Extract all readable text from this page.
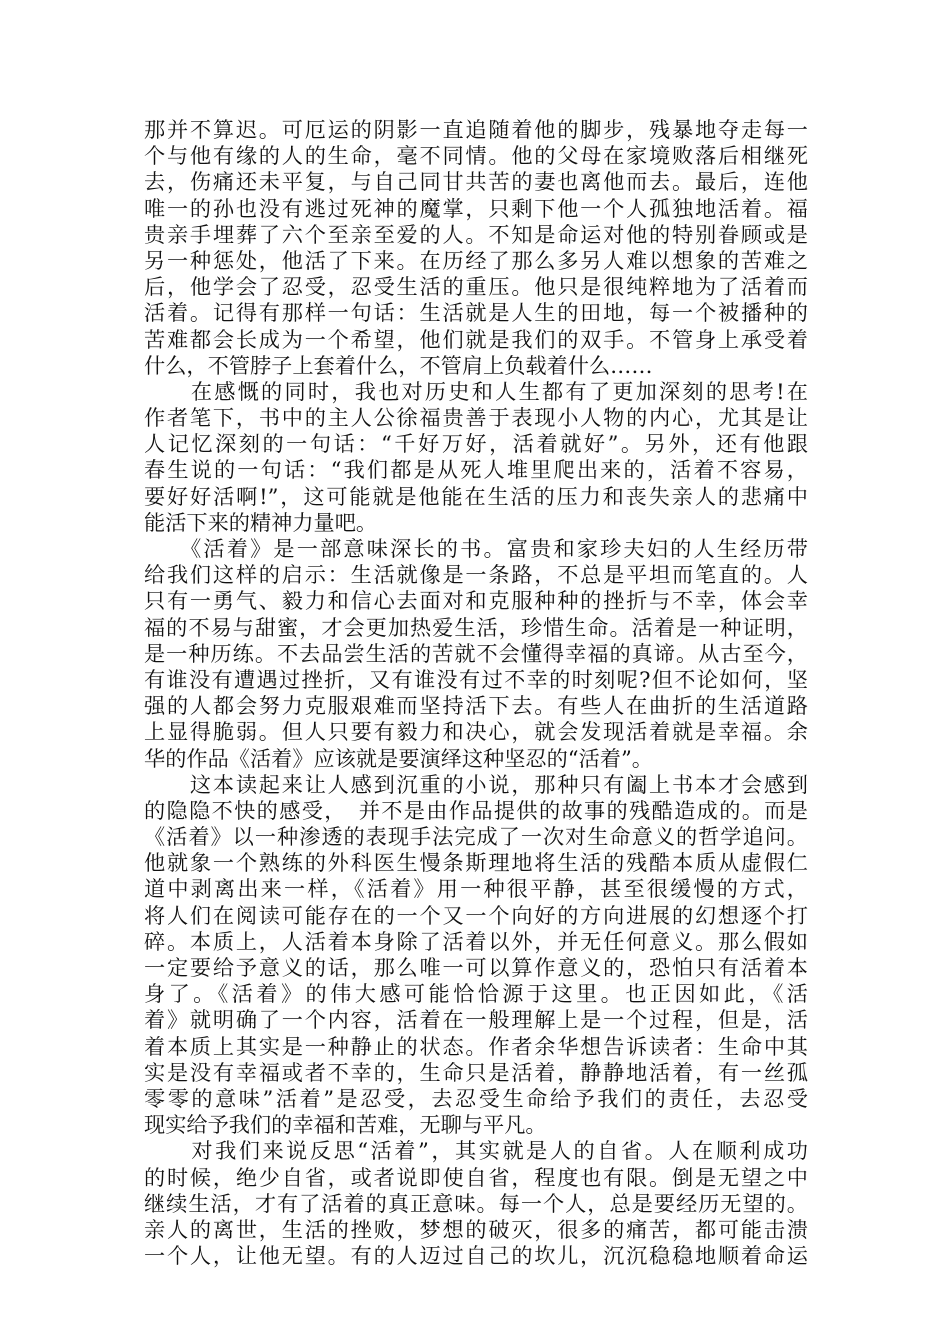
那并不算迟。可厄运的阴影一直追随着他的脚步，残暴地夺走每一
个与他有缘的人的生命，毫不同情。他的父母在家境败落后相继死
去，伤痛还未平复，与自己同甘共苦的妻也离他而去。最后，连他
唯一的孙也没有逃过死神的魔掌，只剩下他一个人孤独地活着。福
贵亲手埋葬了六个至亲至爱的人。不知是命运对他的特别眷顾或是
另一种惩处，他活了下来。在历经了那么多另人难以想象的苦难之
后，他学会了忍受，忍受生活的重压。他只是很纯粹地为了活着而
活着。记得有那样一句话：生活就是人生的田地，每一个被播种的
苦难都会长成为一个希望，他们就是我们的双手。不管身上承受着
什么，不管脖子上套着什么，不管肩上负载着什么……
　　在感慨的同时，我也对历史和人生都有了更加深刻的思考!在
作者笔下，书中的主人公徐福贵善于表现小人物的内心，尤其是让
人记忆深刻的一句话：“千好万好，活着就好”。另外，还有他跟
春生说的一句话：“我们都是从死人堆里爬出来的，活着不容易，
要好好活啊!”，这可能就是他能在生活的压力和丧失亲人的悲痛中
能活下来的精神力量吧。
　　《活着》是一部意味深长的书。富贵和家珍夫妇的人生经历带
给我们这样的启示：生活就像是一条路，不总是平坦而笔直的。人
只有一勇气、毅力和信心去面对和克服种种的挫折与不幸，体会幸
福的不易与甜蜜，才会更加热爱生活，珍惜生命。活着是一种证明，
是一种历练。不去品尝生活的苦就不会懂得幸福的真谛。从古至今，
有谁没有遭遇过挫折，又有谁没有过不幸的时刻呢?但不论如何，坚
强的人都会努力克服艰难而坚持活下去。有些人在曲折的生活道路
上显得脆弱。但人只要有毅力和决心，就会发现活着就是幸福。余
华的作品《活着》应该就是要演绎这种坚忍的“活着”。
　　这本读起来让人感到沉重的小说，那种只有阖上书本才会感到
的隐隐不快的感受，　并不是由作品提供的故事的残酷造成的。而是
《活着》以一种渗透的表现手法完成了一次对生命意义的哲学追问。
他就象一个熟练的外科医生慢条斯理地将生活的残酷本质从虚假仁
道中剥离出来一样，《活着》用一种很平静，甚至很缓慢的方式，
将人们在阅读可能存在的一个又一个向好的方向进展的幻想逐个打
碎。本质上，人活着本身除了活着以外，并无任何意义。那么假如
一定要给予意义的话，那么唯一可以算作意义的，恐怕只有活着本
身了。《活着》的伟大感可能恰恰源于这里。也正因如此，《活
着》就明确了一个内容，活着在一般理解上是一个过程，但是，活
着本质上其实是一种静止的状态。作者余华想告诉读者：生命中其
实是没有幸福或者不幸的，生命只是活着，静静地活着，有一丝孤
零零的意味”活着”是忍受，去忍受生命给予我们的责任，去忍受
现实给予我们的幸福和苦难，无聊与平凡。
　　对我们来说反思“活着”，其实就是人的自省。人在顺利成功
的时候，绝少自省，或者说即使自省，程度也有限。倒是无望之中
继续生活，才有了活着的真正意味。每一个人，总是要经历无望的。
亲人的离世，生活的挫败，梦想的破灭，很多的痛苦，都可能击溃
一个人，让他无望。有的人迈过自己的坎儿，沉沉稳稳地顺着命运
